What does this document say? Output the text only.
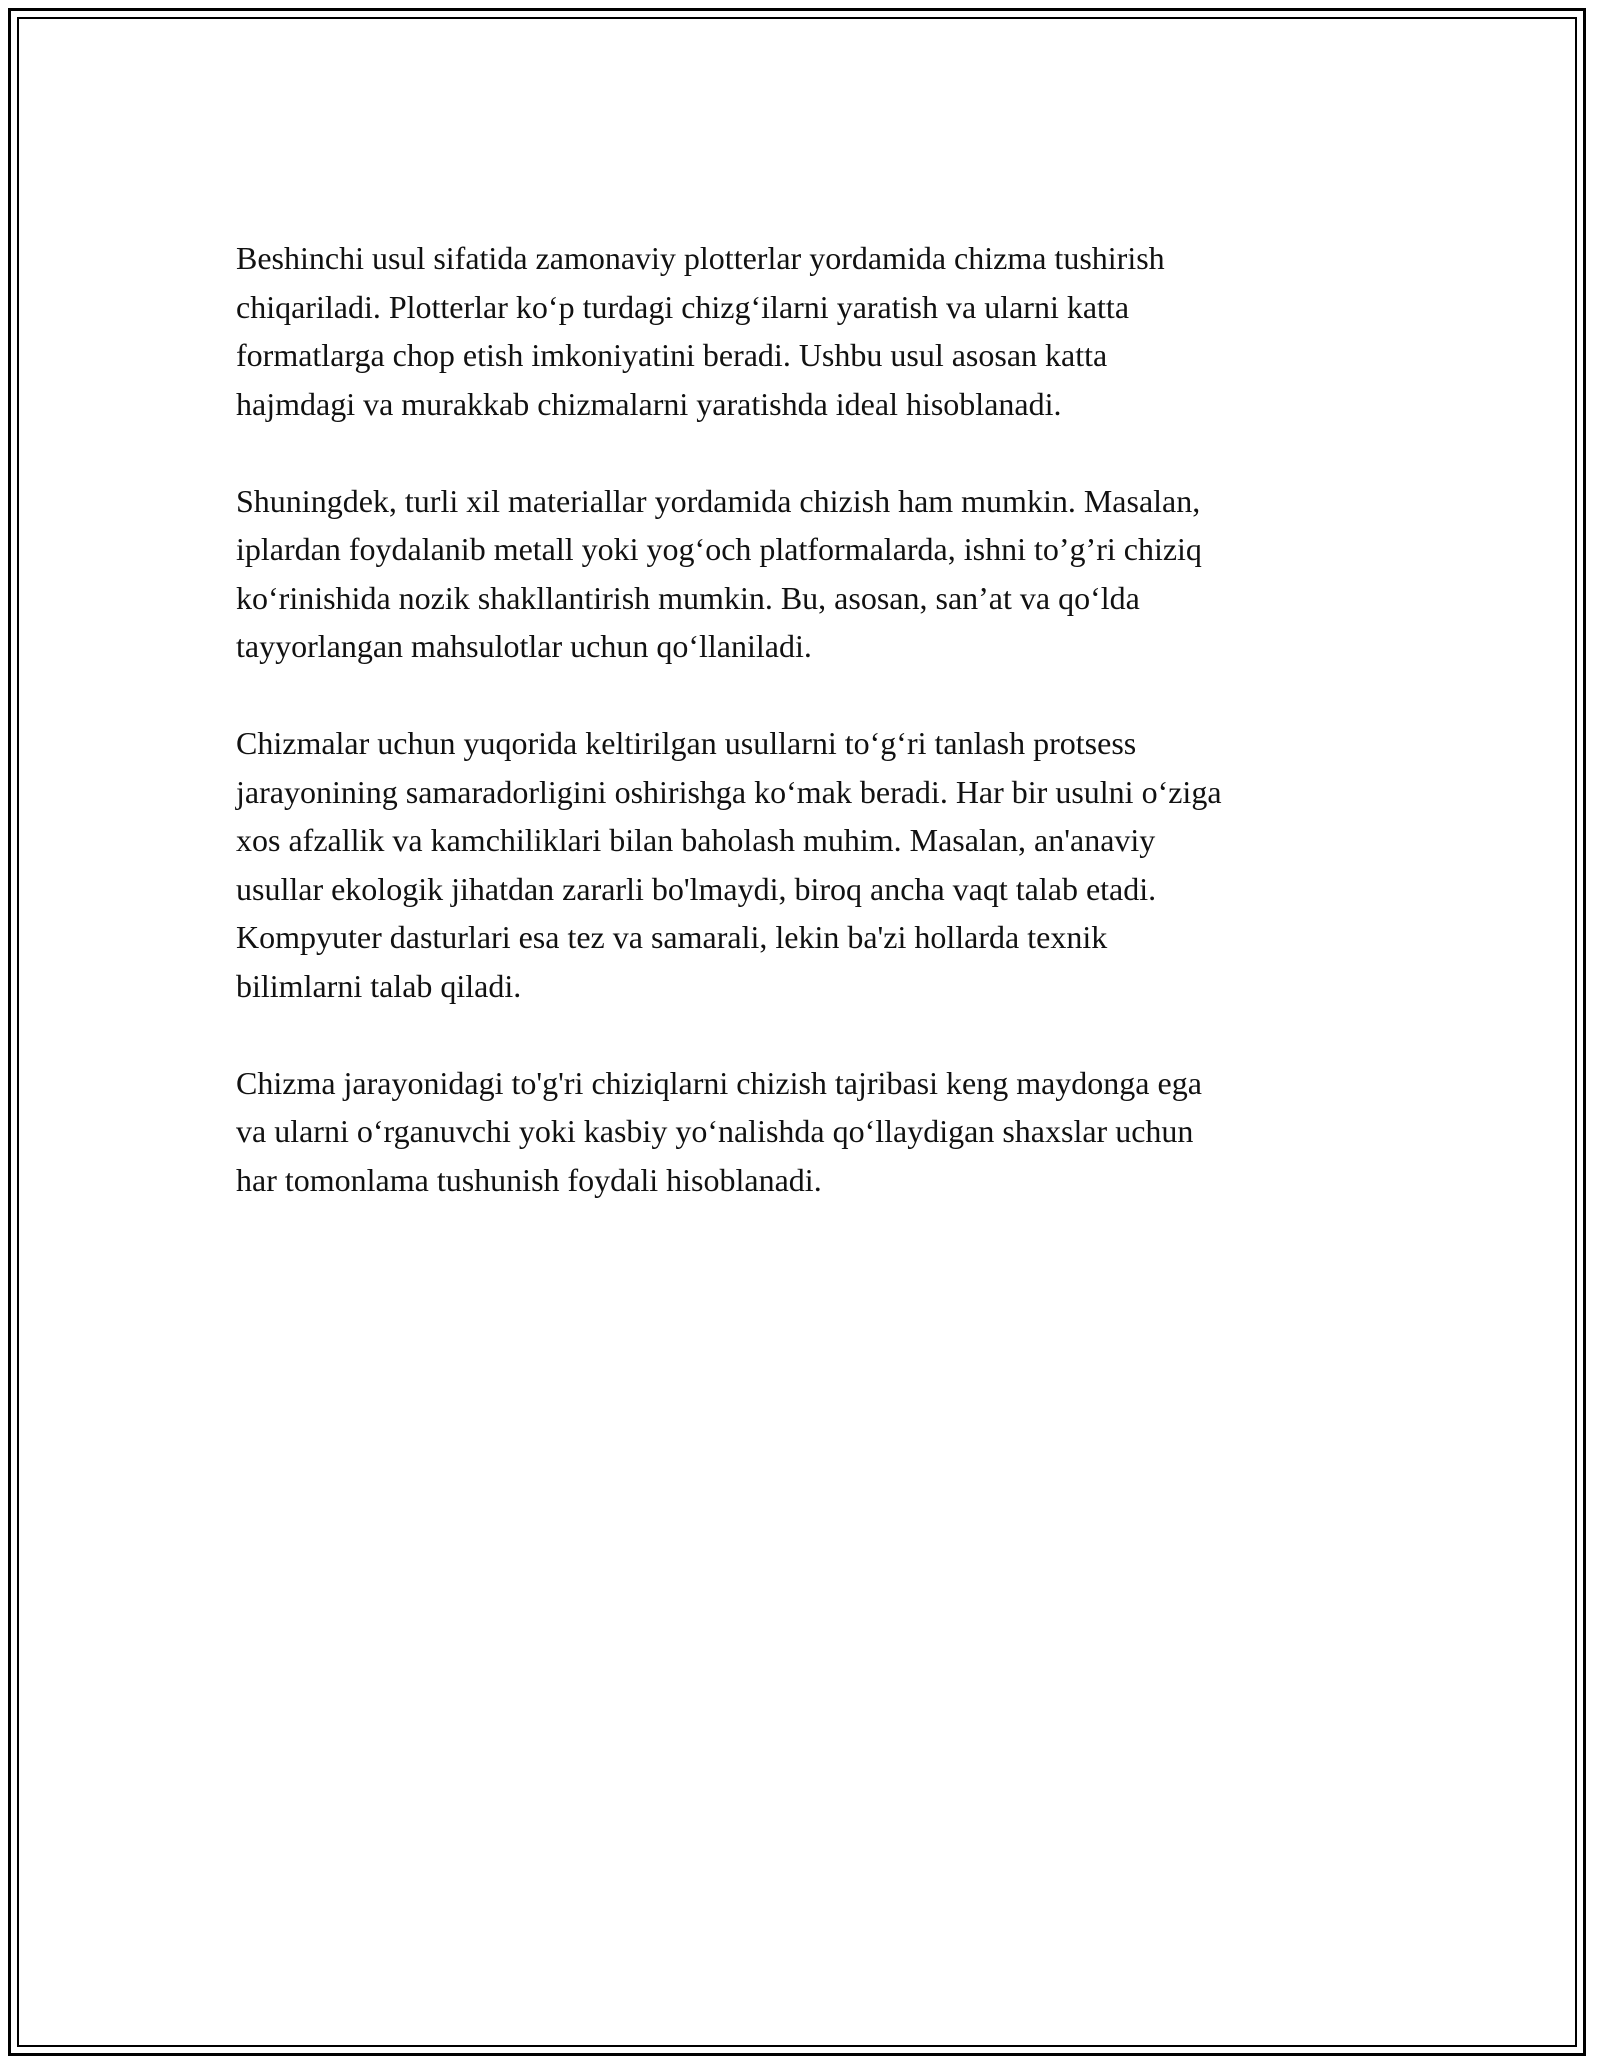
Beshinchi usul sifatida zamonaviy plotterlar yordamida chizma tushirish
chiqariladi. Plotterlar ko‘p turdagi chizg‘ilarni yaratish va ularni katta
formatlarga chop etish imkoniyatini beradi. Ushbu usul asosan katta
hajmdagi va murakkab chizmalarni yaratishda ideal hisoblanadi.

Shuningdek, turli xil materiallar yordamida chizish ham mumkin. Masalan,
iplardan foydalanib metall yoki yog‘och platformalarda, ishni to’g’ri chiziq
ko‘rinishida nozik shakllantirish mumkin. Bu, asosan, san’at va qo‘lda
tayyorlangan mahsulotlar uchun qo‘llaniladi.

Chizmalar uchun yuqorida keltirilgan usullarni to‘g‘ri tanlash protsess
jarayonining samaradorligini oshirishga ko‘mak beradi. Har bir usulni o‘ziga
xos afzallik va kamchiliklari bilan baholash muhim. Masalan, an'anaviy
usullar ekologik jihatdan zararli bo'lmaydi, biroq ancha vaqt talab etadi.
Kompyuter dasturlari esa tez va samarali, lekin ba'zi hollarda texnik
bilimlarni talab qiladi.

Chizma jarayonidagi to'g'ri chiziqlarni chizish tajribasi keng maydonga ega
va ularni o‘rganuvchi yoki kasbiy yo‘nalishda qo‘llaydigan shaxslar uchun
har tomonlama tushunish foydali hisoblanadi.
